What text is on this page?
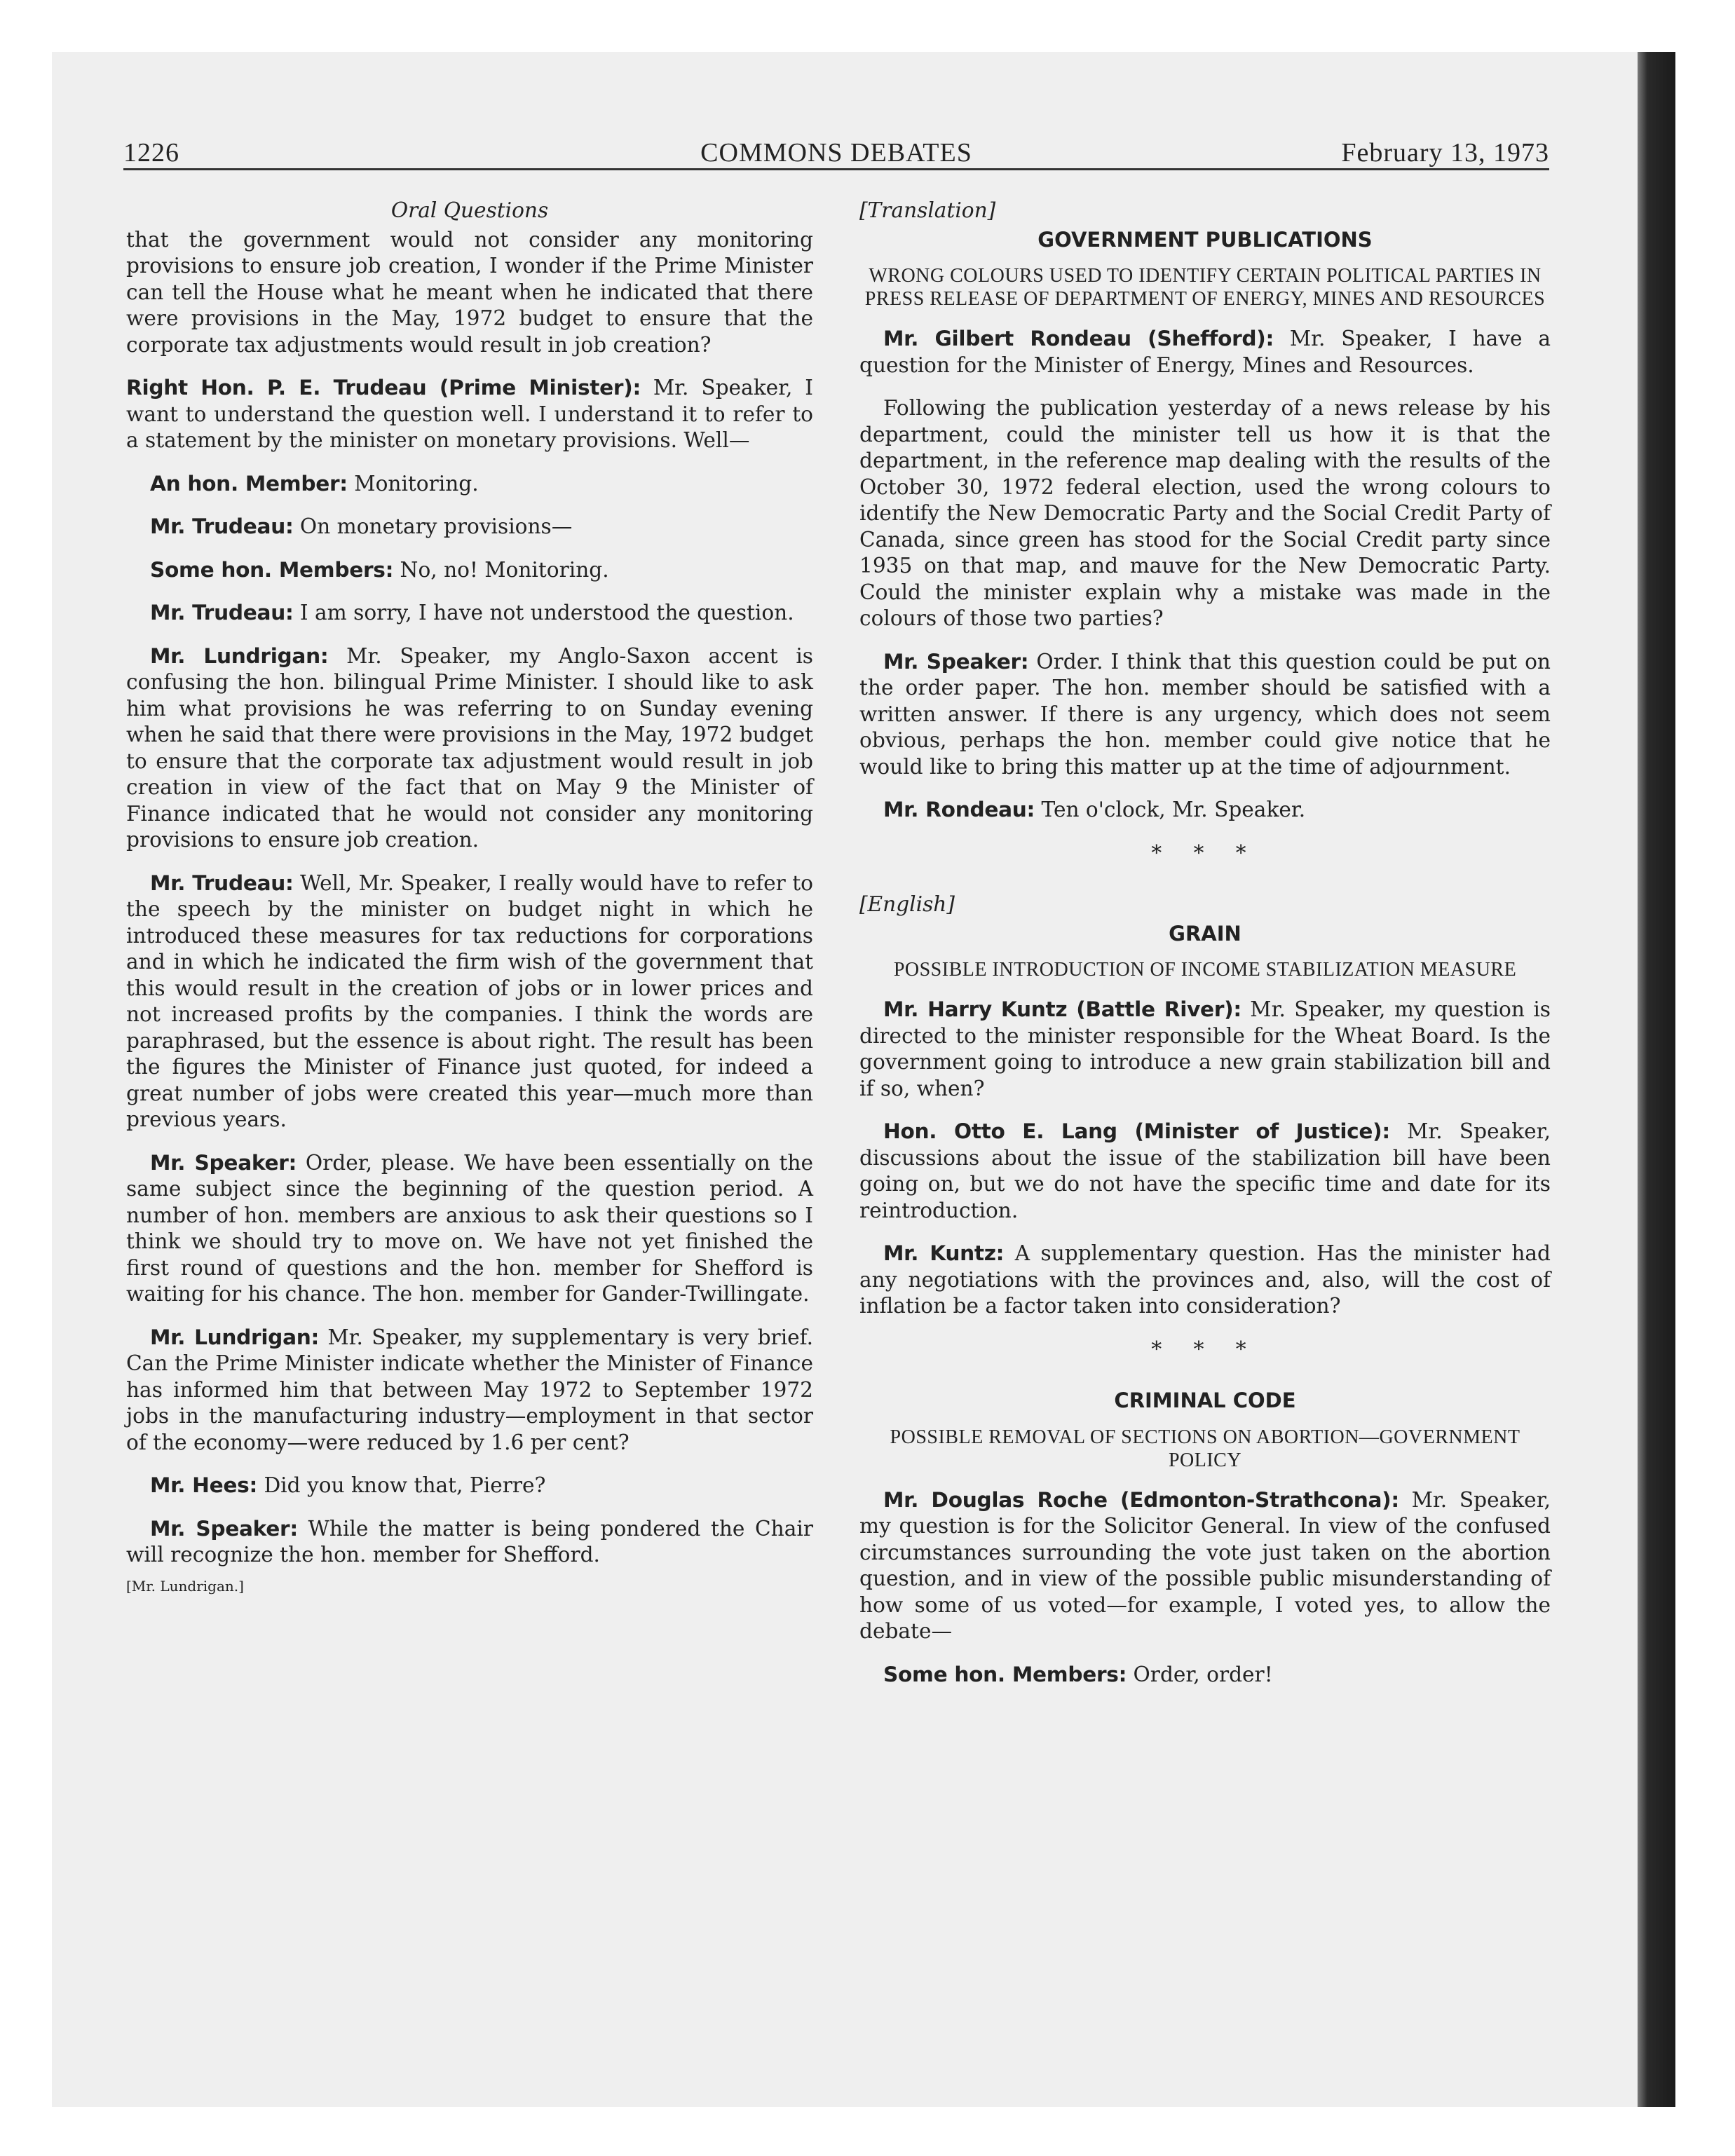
1226	COMMONS DEBATES	February 13, 1973

Oral Questions

that the government would not consider any monitoring provisions to ensure job creation, I wonder if the Prime Minister can tell the House what he meant when he indicated that there were provisions in the May, 1972 budget to ensure that the corporate tax adjustments would result in job creation?

Right Hon. P. E. Trudeau (Prime Minister): Mr. Speaker, I want to understand the question well. I understand it to refer to a statement by the minister on monetary provisions. Well—

An hon. Member: Monitoring.

Mr. Trudeau: On monetary provisions—

Some hon. Members: No, no! Monitoring.

Mr. Trudeau: I am sorry, I have not understood the question.

Mr. Lundrigan: Mr. Speaker, my Anglo-Saxon accent is confusing the hon. bilingual Prime Minister. I should like to ask him what provisions he was referring to on Sunday evening when he said that there were provisions in the May, 1972 budget to ensure that the corporate tax adjustment would result in job creation in view of the fact that on May 9 the Minister of Finance indicated that he would not consider any monitoring provisions to ensure job creation.

Mr. Trudeau: Well, Mr. Speaker, I really would have to refer to the speech by the minister on budget night in which he introduced these measures for tax reductions for corporations and in which he indicated the firm wish of the government that this would result in the creation of jobs or in lower prices and not increased profits by the companies. I think the words are paraphrased, but the essence is about right. The result has been the figures the Minister of Finance just quoted, for indeed a great number of jobs were created this year—much more than previous years.

Mr. Speaker: Order, please. We have been essentially on the same subject since the beginning of the question period. A number of hon. members are anxious to ask their questions so I think we should try to move on. We have not yet finished the first round of questions and the hon. member for Shefford is waiting for his chance. The hon. member for Gander-Twillingate.

Mr. Lundrigan: Mr. Speaker, my supplementary is very brief. Can the Prime Minister indicate whether the Minister of Finance has informed him that between May 1972 to September 1972 jobs in the manufacturing industry—employment in that sector of the economy—were reduced by 1.6 per cent?

Mr. Hees: Did you know that, Pierre?

Mr. Speaker: While the matter is being pondered the Chair will recognize the hon. member for Shefford.

[Mr. Lundrigan.]

[Translation]

GOVERNMENT PUBLICATIONS

WRONG COLOURS USED TO IDENTIFY CERTAIN POLITICAL PARTIES IN PRESS RELEASE OF DEPARTMENT OF ENERGY, MINES AND RESOURCES

Mr. Gilbert Rondeau (Shefford): Mr. Speaker, I have a question for the Minister of Energy, Mines and Resources.

Following the publication yesterday of a news release by his department, could the minister tell us how it is that the department, in the reference map dealing with the results of the October 30, 1972 federal election, used the wrong colours to identify the New Democratic Party and the Social Credit Party of Canada, since green has stood for the Social Credit party since 1935 on that map, and mauve for the New Democratic Party. Could the minister explain why a mistake was made in the colours of those two parties?

Mr. Speaker: Order. I think that this question could be put on the order paper. The hon. member should be satisfied with a written answer. If there is any urgency, which does not seem obvious, perhaps the hon. member could give notice that he would like to bring this matter up at the time of adjournment.

Mr. Rondeau: Ten o'clock, Mr. Speaker.

* * *

[English]

GRAIN

POSSIBLE INTRODUCTION OF INCOME STABILIZATION MEASURE

Mr. Harry Kuntz (Battle River): Mr. Speaker, my question is directed to the minister responsible for the Wheat Board. Is the government going to introduce a new grain stabilization bill and if so, when?

Hon. Otto E. Lang (Minister of Justice): Mr. Speaker, discussions about the issue of the stabilization bill have been going on, but we do not have the specific time and date for its reintroduction.

Mr. Kuntz: A supplementary question. Has the minister had any negotiations with the provinces and, also, will the cost of inflation be a factor taken into consideration?

* * *

CRIMINAL CODE

POSSIBLE REMOVAL OF SECTIONS ON ABORTION—GOVERNMENT POLICY

Mr. Douglas Roche (Edmonton-Strathcona): Mr. Speaker, my question is for the Solicitor General. In view of the confused circumstances surrounding the vote just taken on the abortion question, and in view of the possible public misunderstanding of how some of us voted—for example, I voted yes, to allow the debate—

Some hon. Members: Order, order!
